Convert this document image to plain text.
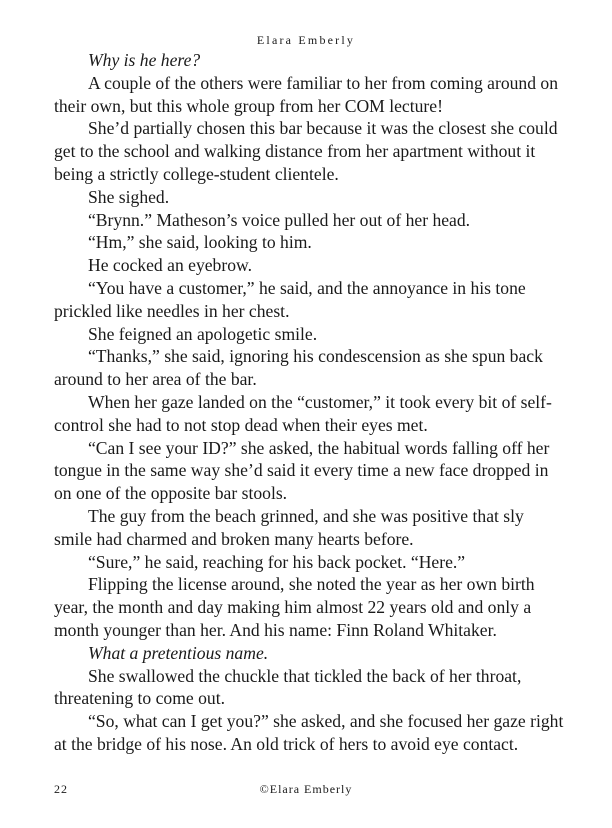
Elara Emberly

Why is he here?

A couple of the others were familiar to her from coming around on their own, but this whole group from her COM lecture!

She’d partially chosen this bar because it was the closest she could get to the school and walking distance from her apartment without it being a strictly college-student clientele.

She sighed.

“Brynn.” Matheson’s voice pulled her out of her head.

“Hm,” she said, looking to him.

He cocked an eyebrow.

“You have a customer,” he said, and the annoyance in his tone prickled like needles in her chest.

She feigned an apologetic smile.

“Thanks,” she said, ignoring his condescension as she spun back around to her area of the bar.

When her gaze landed on the “customer,” it took every bit of self-control she had to not stop dead when their eyes met.

“Can I see your ID?” she asked, the habitual words falling off her tongue in the same way she’d said it every time a new face dropped in on one of the opposite bar stools.

The guy from the beach grinned, and she was positive that sly smile had charmed and broken many hearts before.

“Sure,” he said, reaching for his back pocket. “Here.”

Flipping the license around, she noted the year as her own birth year, the month and day making him almost 22 years old and only a month younger than her. And his name: Finn Roland Whitaker.

What a pretentious name.

She swallowed the chuckle that tickled the back of her throat, threatening to come out.

“So, what can I get you?” she asked, and she focused her gaze right at the bridge of his nose. An old trick of hers to avoid eye contact.

22	©Elara Emberly
